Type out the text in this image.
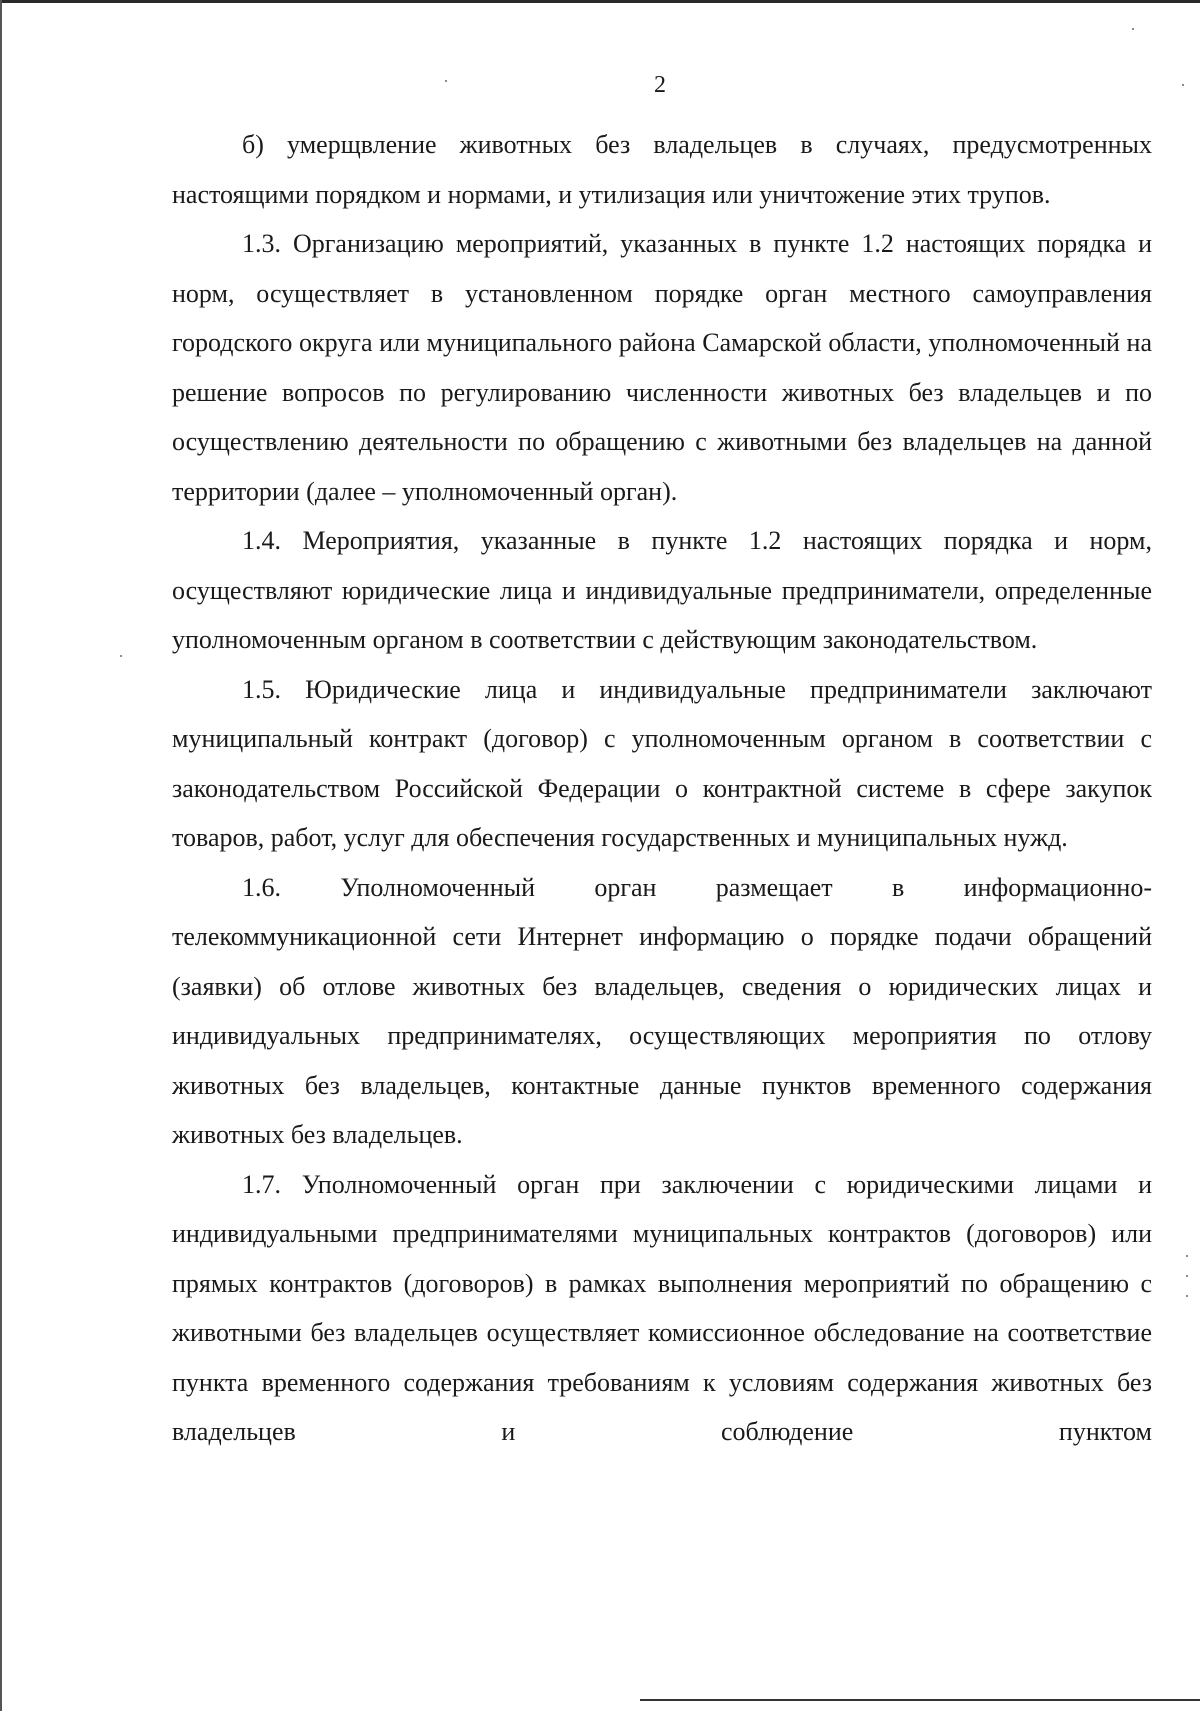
2

б) умерщвление животных без владельцев в случаях, предусмотренных настоящими порядком и нормами, и утилизация или уничтожение этих трупов.

1.3. Организацию мероприятий, указанных в пункте 1.2 настоящих порядка и норм, осуществляет в установленном порядке орган местного самоуправления городского округа или муниципального района Самарской области, уполномоченный на решение вопросов по регулированию численности животных без владельцев и по осуществлению деятельности по обращению с животными без владельцев на данной территории (далее – уполномоченный орган).

1.4. Мероприятия, указанные в пункте 1.2 настоящих порядка и норм, осуществляют юридические лица и индивидуальные предприниматели, определенные уполномоченным органом в соответствии с действующим законодательством.

1.5. Юридические лица и индивидуальные предприниматели заключают муниципальный контракт (договор) с уполномоченным органом в соответствии с законодательством Российской Федерации о контрактной системе в сфере закупок товаров, работ, услуг для обеспечения государственных и муниципальных нужд.

1.6. Уполномоченный орган размещает в информационно-телекоммуникационной сети Интернет информацию о порядке подачи обращений (заявки) об отлове животных без владельцев, сведения о юридических лицах и индивидуальных предпринимателях, осуществляющих мероприятия по отлову животных без владельцев, контактные данные пунктов временного содержания животных без владельцев.

1.7. Уполномоченный орган при заключении с юридическими лицами и индивидуальными предпринимателями муниципальных контрактов (договоров) или прямых контрактов (договоров) в рамках выполнения мероприятий по обращению с животными без владельцев осуществляет комиссионное обследование на соответствие пункта временного содержания требованиям к условиям содержания животных без владельцев и соблюдение пунктом
